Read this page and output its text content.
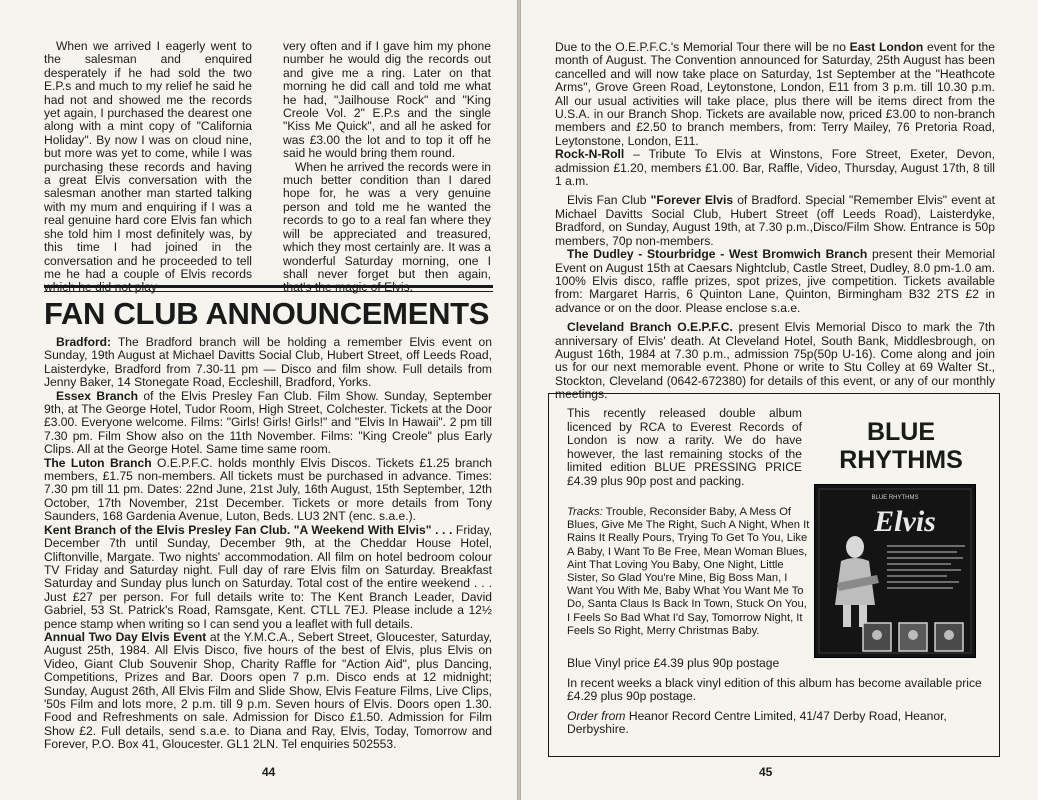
When we arrived I eagerly went to the salesman and enquired desperately if he had sold the two E.P.s and much to my relief he said he had not and showed me the records yet again, I purchased the dearest one along with a mint copy of "California Holiday". By now I was on cloud nine, but more was yet to come, while I was purchasing these records and having a great Elvis conversation with the salesman another man started talking with my mum and enquiring if I was a real genuine hard core Elvis fan which she told him I most definitely was, by this time I had joined in the conversation and he proceeded to tell me he had a couple of Elvis records

very often and if I gave him my phone number he would dig the records out and give me a ring. Later on that morning he did call and told me what he had, "Jailhouse Rock" and "King Creole Vol. 2" E.P.s and the single "Kiss Me Quick", and all he asked for was £3.00 the lot and to top it off he said he would bring them round.

When he arrived the records were in much better condition than I dared hope for, he was a very genuine person and told me he wanted the records to go to a real fan where they will be appreciated and treasured, which they most certainly are. It was a wonderful Saturday morning, one I shall never forget but then again,

FAN CLUB ANNOUNCEMENTS

Bradford: The Bradford branch will be holding a remember Elvis event on Sunday, 19th August at Michael Davitts Social Club, Hubert Street, off Leeds Road, Laisterdyke, Bradford from 7.30-11 pm — Disco and film show. Full details from Jenny Baker, 14 Stonegate Road, Eccleshill, Bradford, Yorks.

Essex Branch of the Elvis Presley Fan Club. Film Show. Sunday, September 9th, at The George Hotel, Tudor Room, High Street, Colchester. Tickets at the Door £3.00. Everyone welcome. Films: "Girls! Girls! Girls!" and "Elvis In Hawaii". 2 pm till 7.30 pm. Film Show also on the 11th November. Films: "King Creole" plus Early Clips. All at the George Hotel. Same time same room.

The Luton Branch O.E.P.F.C. holds monthly Elvis Discos. Tickets £1.25 branch members, £1.75 non-members. All tickets must be purchased in advance. Times: 7.30 pm till 11 pm. Dates: 22nd June, 21st July, 16th August, 15th September, 12th October, 17th November, 21st December. Tickets or more details from Tony Saunders, 168 Gardenia Avenue, Luton, Beds. LU3 2NT (enc. s.a.e.).

Kent Branch of the Elvis Presley Fan Club. "A Weekend With Elvis" . . . Friday, December 7th until Sunday, December 9th, at the Cheddar House Hotel, Cliftonville, Margate. Two nights' accommodation. All film on hotel bedroom colour TV Friday and Saturday night. Full day of rare Elvis film on Saturday. Breakfast Saturday and Sunday plus lunch on Saturday. Total cost of the entire weekend . . . Just £27 per person. For full details write to: The Kent Branch Leader, David Gabriel, 53 St. Patrick's Road, Ramsgate, Kent. CTLL 7EJ. Please include a 12½ pence stamp when writing so I can send you a leaflet with full details.

Annual Two Day Elvis Event at the Y.M.C.A., Sebert Street, Gloucester, Saturday, August 25th, 1984. All Elvis Disco, five hours of the best of Elvis, plus Elvis on Video, Giant Club Souvenir Shop, Charity Raffle for "Action Aid", plus Dancing, Competitions, Prizes and Bar. Doors open 7 p.m. Disco ends at 12 midnight; Sunday, August 26th, All Elvis Film and Slide Show, Elvis Feature Films, Live Clips, '50s Film and lots more, 2 p.m. till 9 p.m. Seven hours of Elvis. Doors open 1.30. Food and Refreshments on sale. Admission for Disco £1.50. Admission for Film Show £2. Full details, send s.a.e. to Diana and Ray, Elvis, Today, Tomorrow and Forever, P.O. Box 41, Gloucester. GL1 2LN. Tel enquiries 502553.

44

Due to the O.E.P.F.C.'s Memorial Tour there will be no East London event for the month of August. The Convention announced for Saturday, 25th August has been cancelled and will now take place on Saturday, 1st September at the "Heathcote Arms", Grove Green Road, Leytonstone, London, E11 from 3 p.m. till 10.30 p.m. All our usual activities will take place, plus there will be items direct from the U.S.A. in our Branch Shop. Tickets are available now, priced £3.00 to non-branch members and £2.50 to branch members, from: Terry Mailey, 76 Pretoria Road, Leytonstone, London, E11.

Rock-N-Roll – Tribute To Elvis at Winstons, Fore Street, Exeter, Devon, admission £1.20, members £1.00. Bar, Raffle, Video, Thursday, August 17th, 8 till 1 a.m.

Elvis Fan Club "Forever Elvis of Bradford. Special "Remember Elvis" event at Michael Davitts Social Club, Hubert Street (off Leeds Road), Laisterdyke, Bradford, on Sunday, August 19th, at 7.30 p.m.,Disco/Film Show. Entrance is 50p members, 70p non-members.

The Dudley - Stourbridge - West Bromwich Branch present their Memorial Event on August 15th at Caesars Nightclub, Castle Street, Dudley, 8.0 pm-1.0 am. 100% Elvis disco, raffle prizes, spot prizes, jive competition. Tickets available from: Margaret Harris, 6 Quinton Lane, Quinton, Birmingham B32 2TS £2 in advance or on the door. Please enclose s.a.e.

Cleveland Branch O.E.P.F.C. present Elvis Memorial Disco to mark the 7th anniversary of Elvis' death. At Cleveland Hotel, South Bank, Middlesbrough, on August 16th, 1984 at 7.30 p.m., admission 75p(50p U-16). Come along and join us for our next memorable event. Phone or write to Stu Colley at 69 Walter St., Stockton, Cleveland (0642-672380) for details of this event, or any of our monthly meetings.

This recently released double album licenced by RCA to Everest Records of London is now a rarity. We do have however, the last remaining stocks of the limited edition BLUE PRESSING PRICE £4.39 plus 90p post and packing.
BLUE
RHYTHMS
BLUE RHYTHMS
Elvis
Tracks: Trouble, Reconsider Baby, A Mess Of Blues, Give Me The Right, Such A Night, When It Rains It Really Pours, Trying To Get To You, Like A Baby, I Want To Be Free, Mean Woman Blues, Aint That Loving You Baby, One Night, Little Sister, So Glad You're Mine, Big Boss Man, I Want You With Me, Baby What You Want Me To Do, Santa Claus Is Back In Town, Stuck On You, I Feels So Bad What I'd Say, Tomorrow Night, It Feels So Right, Merry Christmas Baby.

Blue Vinyl price £4.39 plus 90p postage

In recent weeks a black vinyl edition of this album has become available price £4.29 plus 90p postage.

Order from Heanor Record Centre Limited, 41/47 Derby Road, Heanor, Derbyshire.

45
